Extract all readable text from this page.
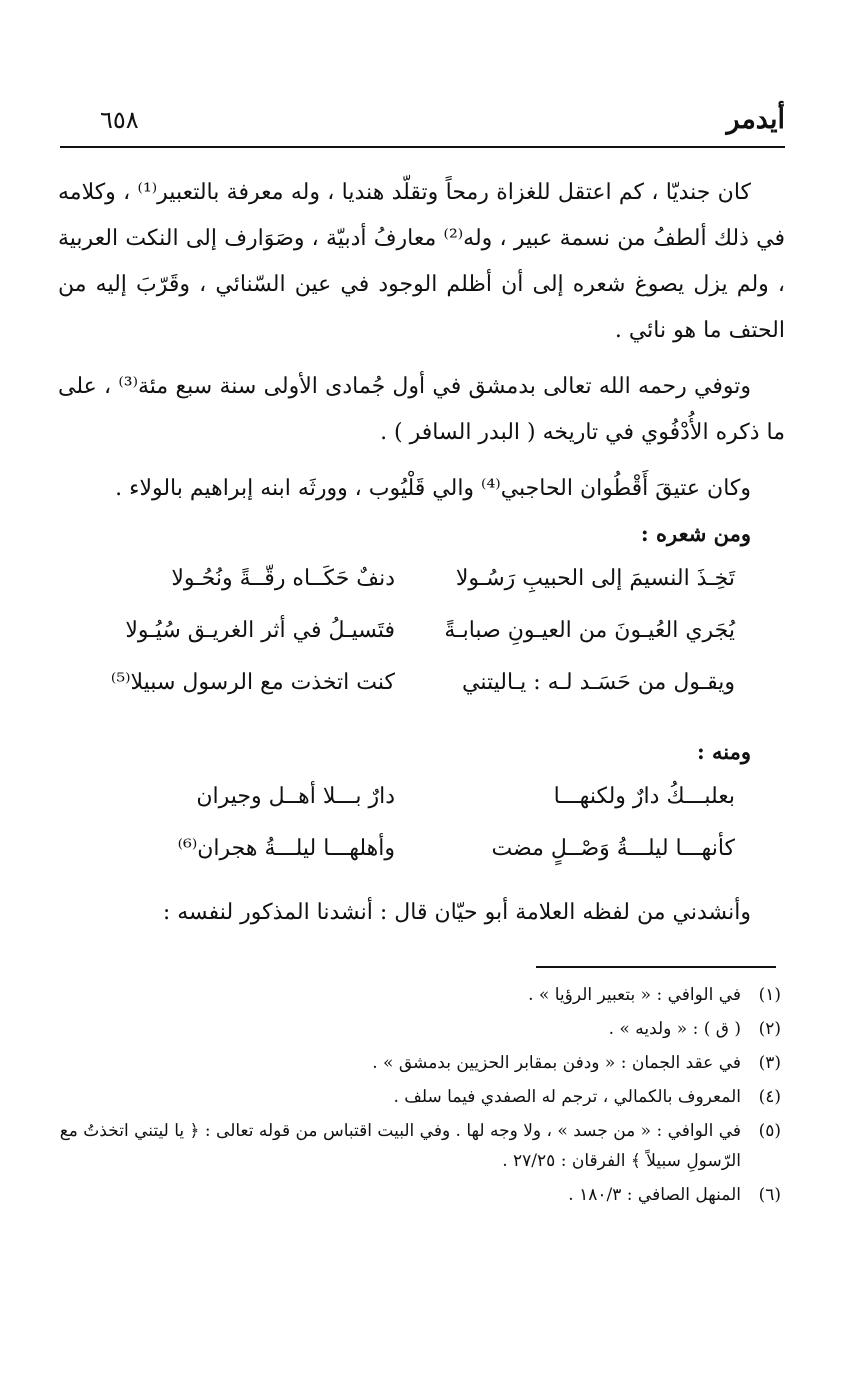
أيدمر
٦٥٨

كان جنديّا ، كم اعتقل للغزاة رمحاً وتقلّد هنديا ، وله معرفة بالتعبير⁽¹⁾ ، وكلامه في ذلك ألطفُ من نسمة عبير ، وله⁽²⁾ معارفُ أدبيّة ، وصَوَارف إلى النكت العربية ، ولم يزل يصوغ شعره إلى أن أظلم الوجود في عين السّنائي ، وقَرّبَ إليه من الحتف ما هو نائي .

وتوفي رحمه الله تعالى بدمشق في أول جُمادى الأولى سنة سبع مئة⁽³⁾ ، على ما ذكره الأُدْفُوي في تاريخه ( البدر السافر ) .

وكان عتيقَ أَقْطُوان الحاجبي⁽⁴⁾ والي قَلْيُوب ، وورثَه ابنه إبراهيم بالولاء .

ومن شعره :

تَخِـذَ النسيمَ إلى الحبيبِ رَسُـولا
دنفٌ حَكَــاه رقّــةً ونُحُـولا
يُجَري العُيـونَ من العيـونِ صبابـةً
فتَسيـلُ في أثر الغريـق سُيُـولا
ويقـول من حَسَـد لـه : يـاليتني
كنت اتخذت مع الرسول سبيلا⁽⁵⁾

ومنه :

بعلبـــكُ دارٌ ولكنهـــا
دارٌ بـــلا أهــل وجيران
كأنهـــا ليلـــةُ وَصْــلٍ مضت
وأهلهـــا ليلـــةُ هجران⁽⁶⁾

وأنشدني من لفظه العلامة أبو حيّان قال : أنشدنا المذكور لنفسه :

(١)
في الوافي : « بتعبير الرؤيا » .

(٢)
( ق ) : « ولديه » .

(٣)
في عقد الجمان : « ودفن بمقابر الحزيين بدمشق » .

(٤)
المعروف بالكمالي ، ترجم له الصفدي فيما سلف .

(٥)
في الوافي : « من جسد » ، ولا وجه لها . وفي البيت اقتباس من قوله تعالى : ﴿ يا ليتني اتخذتُ مع الرّسولِ سبيلاً ﴾ الفرقان : ٢٧/٢٥ .

(٦)
المنهل الصافي : ١٨٠/٣ .
